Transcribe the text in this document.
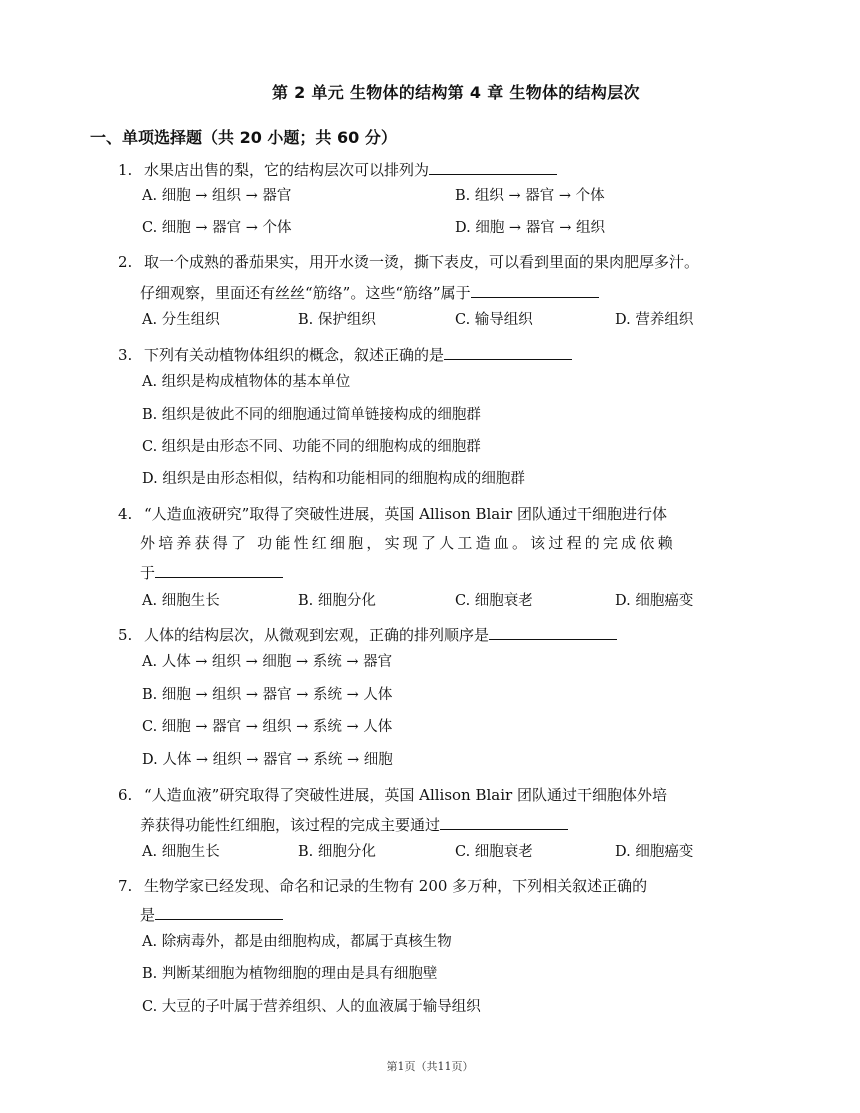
第 2 单元 生物体的结构第 4 章 生物体的结构层次
一、单项选择题（共 20 小题；共 60 分）
1. 水果店出售的梨，它的结构层次可以排列为
A. 细胞 → 组织 → 器官	B. 组织 → 器官 → 个体
C. 细胞 → 器官 → 个体	D. 细胞 → 器官 → 组织
2. 取一个成熟的番茄果实，用开水烫一烫，撕下表皮，可以看到里面的果肉肥厚多汁。
仔细观察，里面还有丝丝“筋络”。这些“筋络”属于
A. 分生组织	B. 保护组织	C. 输导组织	D. 营养组织
3. 下列有关动植物体组织的概念，叙述正确的是
A. 组织是构成植物体的基本单位
B. 组织是彼此不同的细胞通过简单链接构成的细胞群
C. 组织是由形态不同、功能不同的细胞构成的细胞群
D. 组织是由形态相似，结构和功能相同的细胞构成的细胞群
4. “人造血液研究”取得了突破性进展，英国 Allison Blair 团队通过干细胞进行体
外培养获得了 功能性红细胞，实现了人工造血。该过程的完成依赖
于
A. 细胞生长	B. 细胞分化	C. 细胞衰老	D. 细胞癌变
5. 人体的结构层次，从微观到宏观，正确的排列顺序是
A. 人体 → 组织 → 细胞 → 系统 → 器官
B. 细胞 → 组织 → 器官 → 系统 → 人体
C. 细胞 → 器官 → 组织 → 系统 → 人体
D. 人体 → 组织 → 器官 → 系统 → 细胞
6. “人造血液”研究取得了突破性进展，英国 Allison Blair 团队通过干细胞体外培
养获得功能性红细胞，该过程的完成主要通过
A. 细胞生长	B. 细胞分化	C. 细胞衰老	D. 细胞癌变
7. 生物学家已经发现、命名和记录的生物有 200 多万种，下列相关叙述正确的
是
A. 除病毒外，都是由细胞构成，都属于真核生物
B. 判断某细胞为植物细胞的理由是具有细胞壁
C. 大豆的子叶属于营养组织、人的血液属于输导组织
第1页（共11页）
